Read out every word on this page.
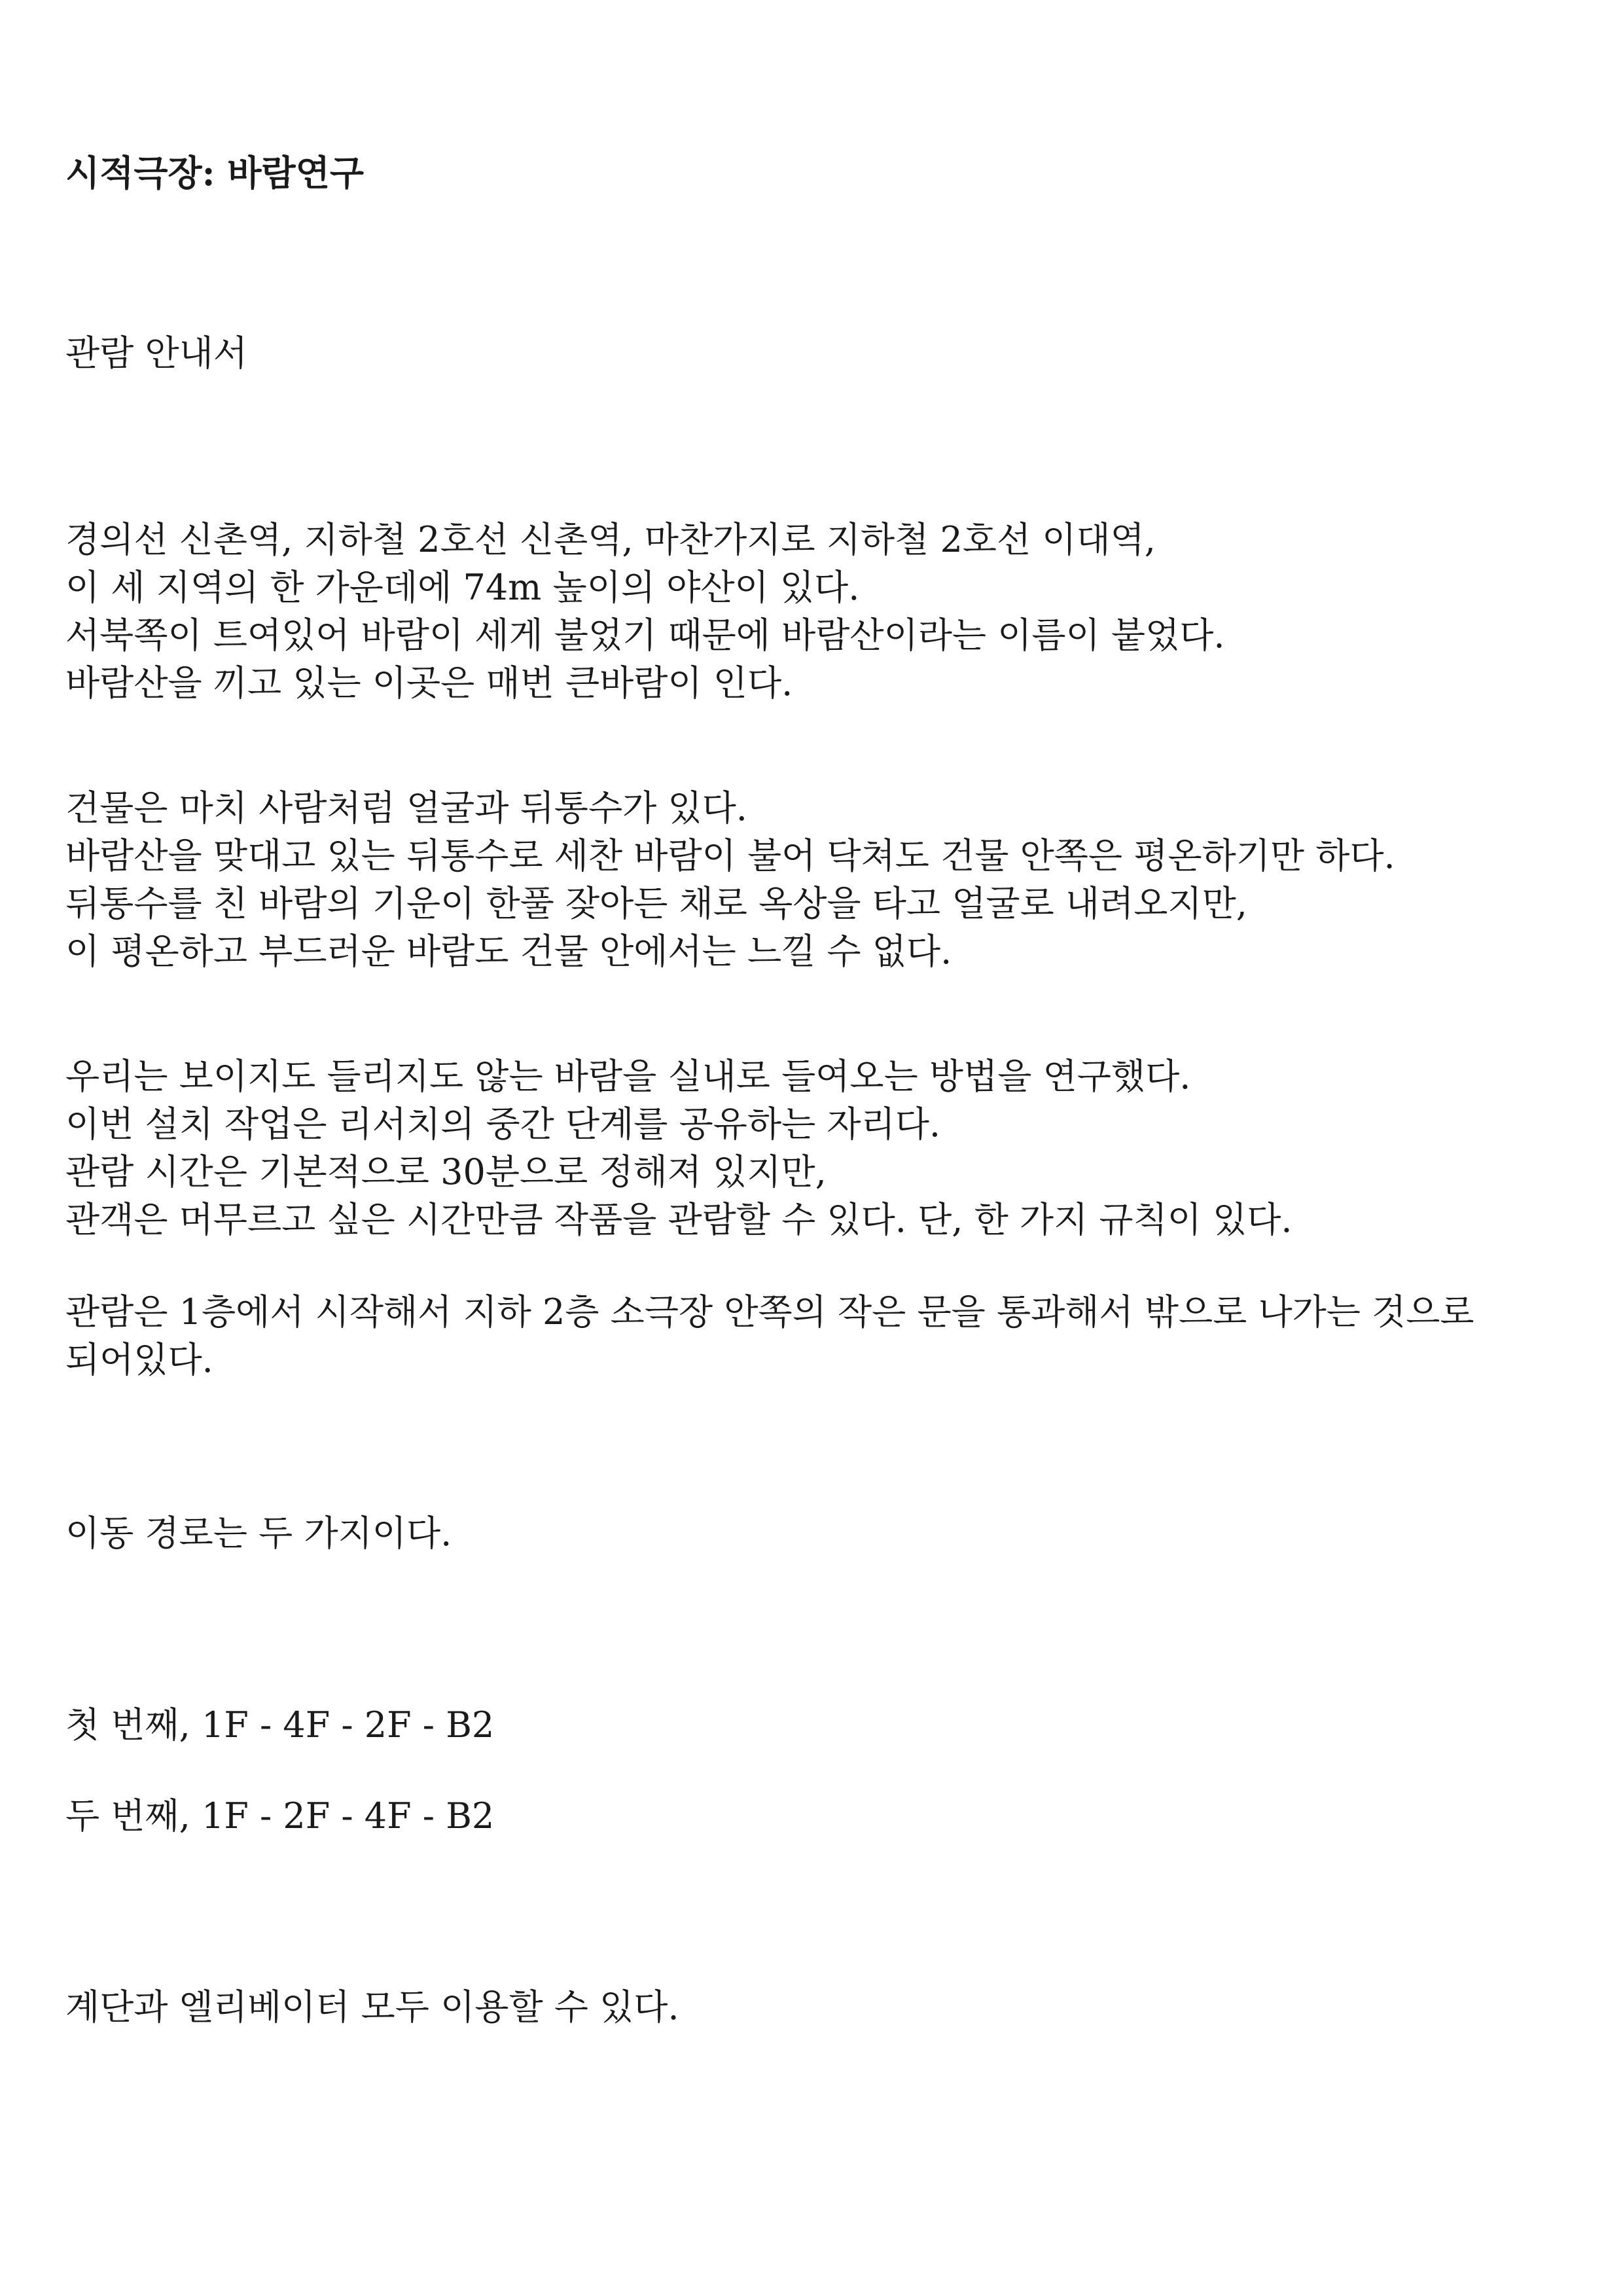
시적극장: 바람연구
관람 안내서
경의선 신촌역, 지하철 2호선 신촌역, 마찬가지로 지하철 2호선 이대역,
이 세 지역의 한 가운데에 74m 높이의 야산이 있다.
서북쪽이 트여있어 바람이 세게 불었기 때문에 바람산이라는 이름이 붙었다.
바람산을 끼고 있는 이곳은 매번 큰바람이 인다.
건물은 마치 사람처럼 얼굴과 뒤통수가 있다.
바람산을 맞대고 있는 뒤통수로 세찬 바람이 불어 닥쳐도 건물 안쪽은 평온하기만 하다.
뒤통수를 친 바람의 기운이 한풀 잦아든 채로 옥상을 타고 얼굴로 내려오지만,
이 평온하고 부드러운 바람도 건물 안에서는 느낄 수 없다.
우리는 보이지도 들리지도 않는 바람을 실내로 들여오는 방법을 연구했다.
이번 설치 작업은 리서치의 중간 단계를 공유하는 자리다.
관람 시간은 기본적으로 30분으로 정해져 있지만,
관객은 머무르고 싶은 시간만큼 작품을 관람할 수 있다. 단, 한 가지 규칙이 있다.
관람은 1층에서 시작해서 지하 2층 소극장 안쪽의 작은 문을 통과해서 밖으로 나가는 것으로
되어있다.
이동 경로는 두 가지이다.
첫 번째, 1F - 4F - 2F - B2
두 번째, 1F - 2F - 4F - B2
계단과 엘리베이터 모두 이용할 수 있다.
